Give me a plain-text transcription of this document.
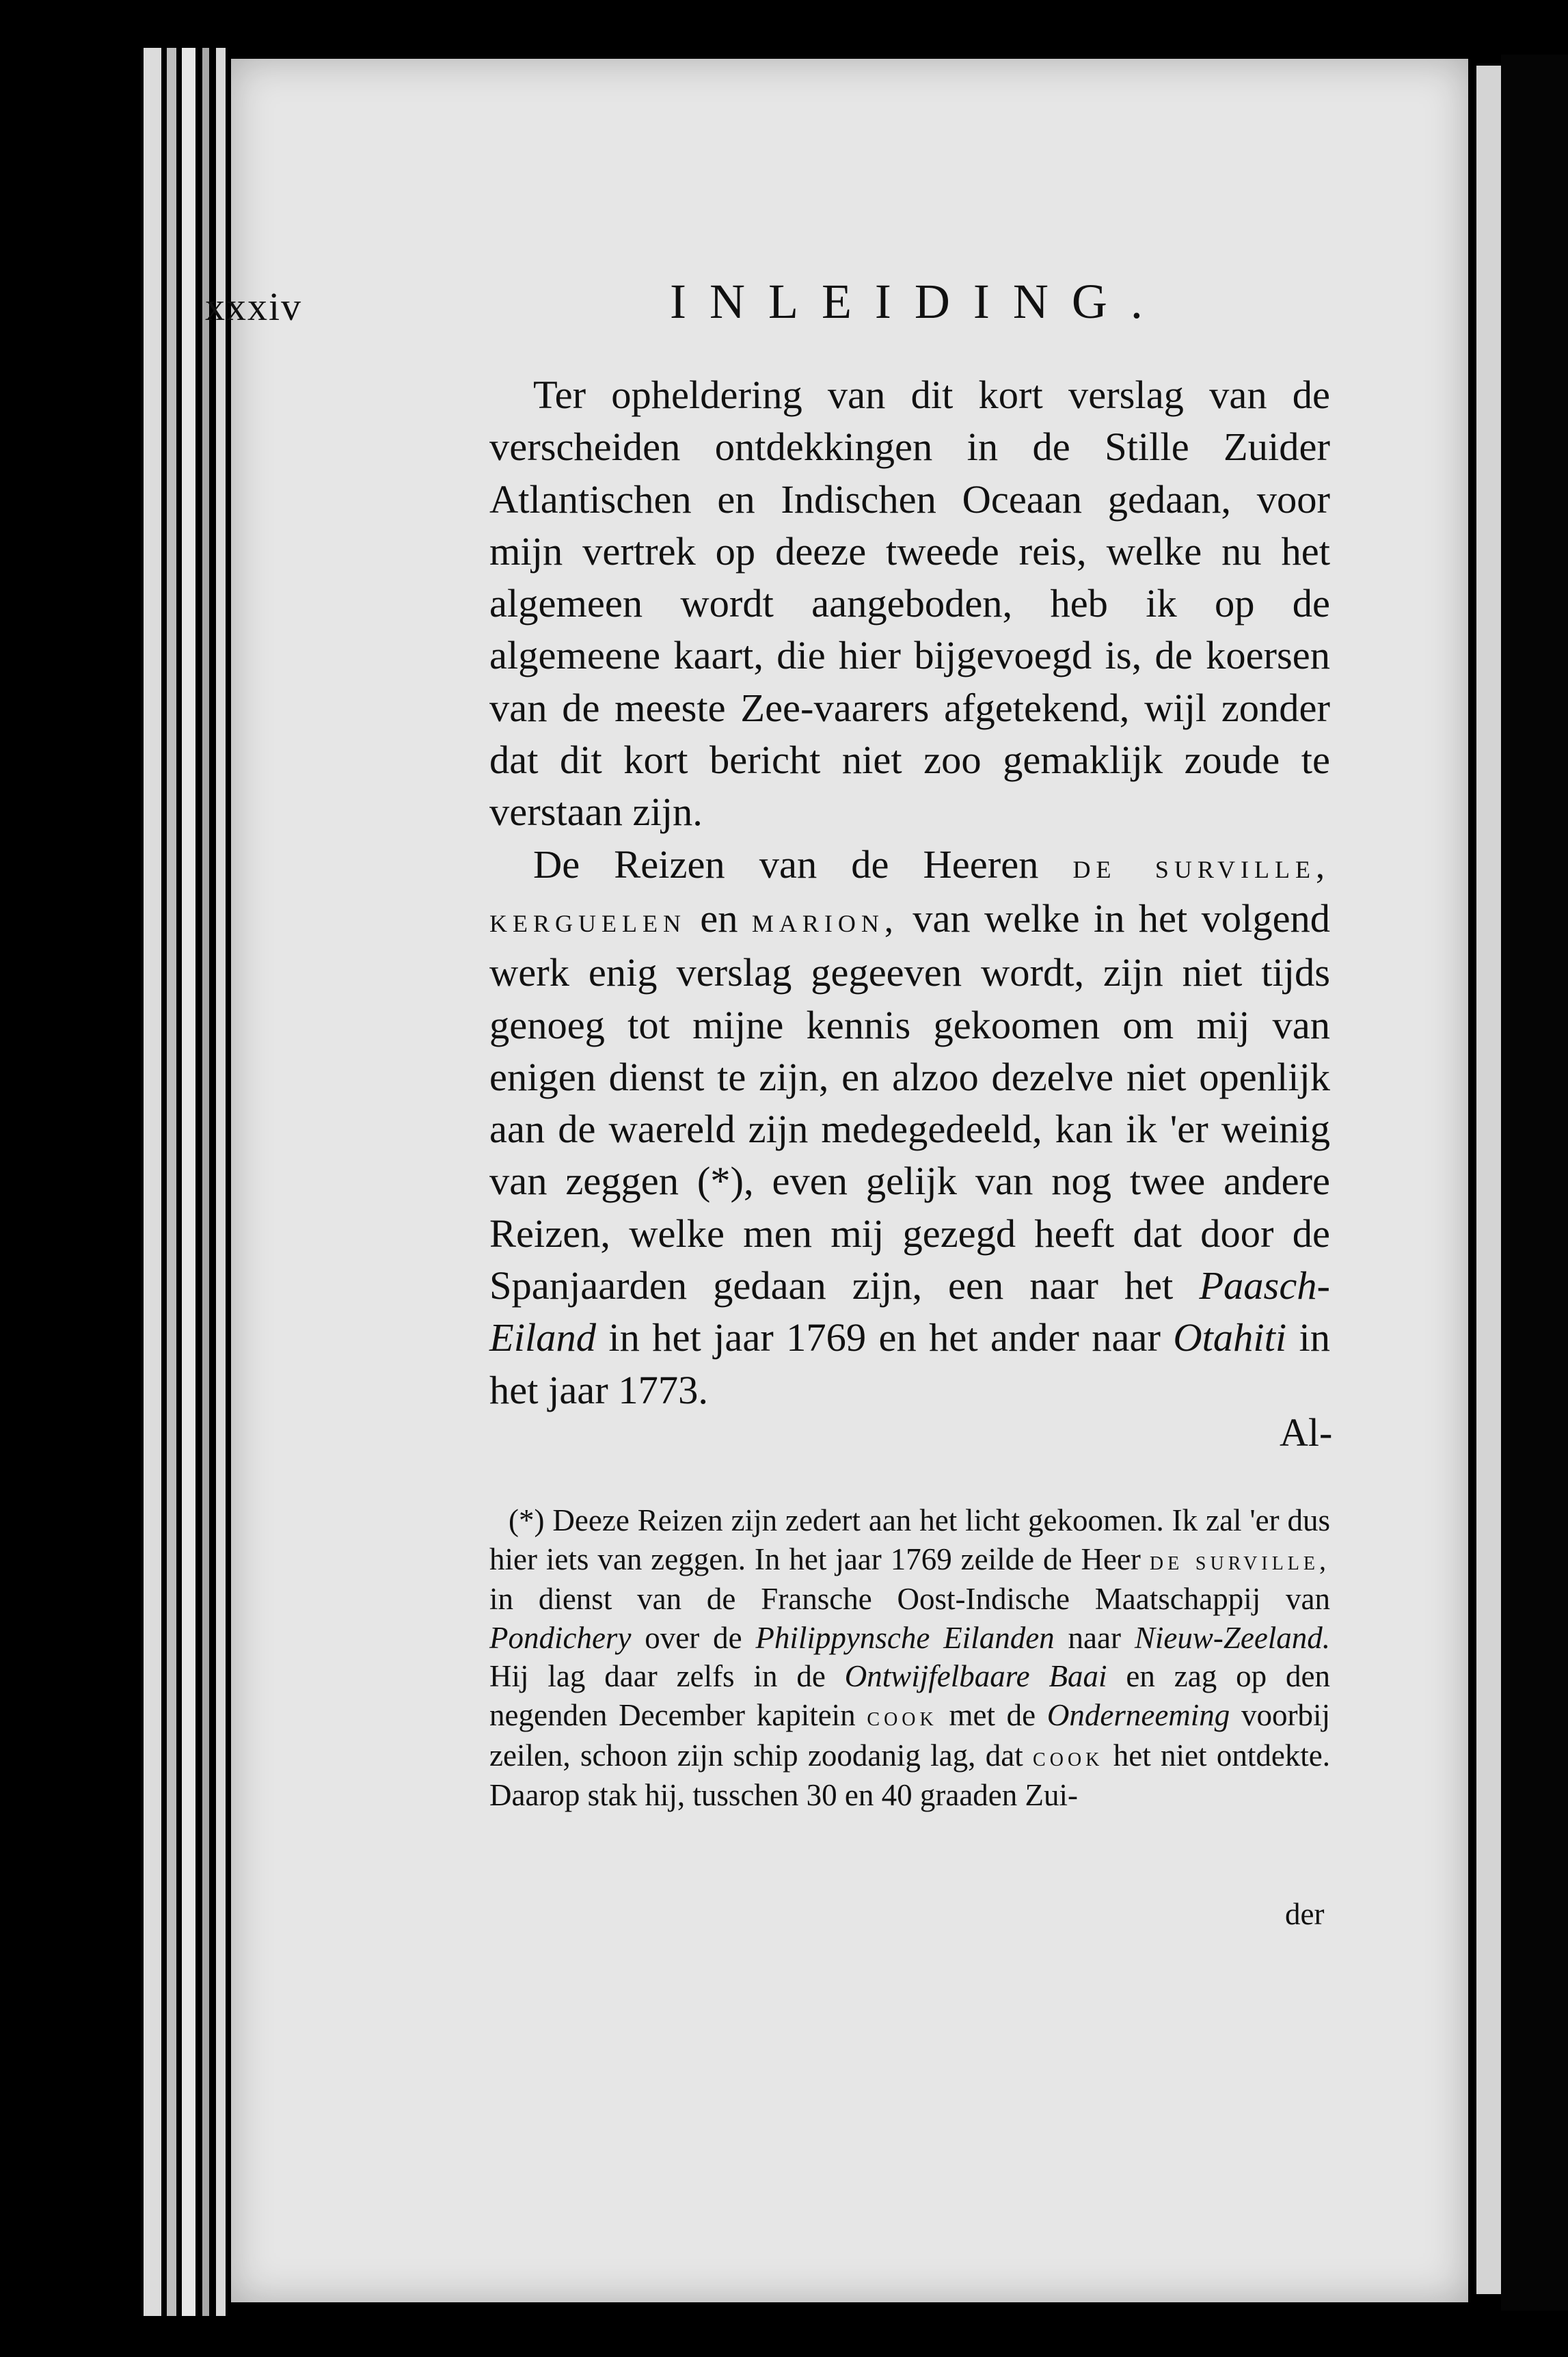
xxxiv	INLEIDING.

Ter opheldering van dit kort verslag van de verscheiden ontdekkingen in de Stille Zuider Atlantischen en Indischen Oceaan gedaan, voor mijn vertrek op deeze tweede reis, welke nu het algemeen wordt aangeboden, heb ik op de algemeene kaart, die hier bijgevoegd is, de koersen van de meeste Zee-vaarers afgetekend, wijl zonder dat dit kort bericht niet zoo gemaklijk zoude te verstaan zijn.

De Reizen van de Heeren de surville, kerguelen en marion, van welke in het volgend werk enig verslag gegeeven wordt, zijn niet tijds genoeg tot mijne kennis gekoomen om mij van enigen dienst te zijn, en alzoo dezelve niet openlijk aan de waereld zijn medegedeeld, kan ik 'er weinig van zeggen (*), even gelijk van nog twee andere Reizen, welke men mij gezegd heeft dat door de Spanjaarden gedaan zijn, een naar het Paasch-Eiland in het jaar 1769 en het ander naar Otahiti in het jaar 1773.

Al-

(*) Deeze Reizen zijn zedert aan het licht gekoomen. Ik zal 'er dus hier iets van zeggen. In het jaar 1769 zeilde de Heer de surville, in dienst van de Fransche Oost-Indische Maatschappij van Pondichery over de Philippynsche Eilanden naar Nieuw-Zeeland. Hij lag daar zelfs in de Ontwijfelbaare Baai en zag op den negenden December kapitein cook met de Onderneeming voorbij zeilen, schoon zijn schip zoodanig lag, dat cook het niet ontdekte. Daarop stak hij, tusschen 30 en 40 graaden Zui-

der
